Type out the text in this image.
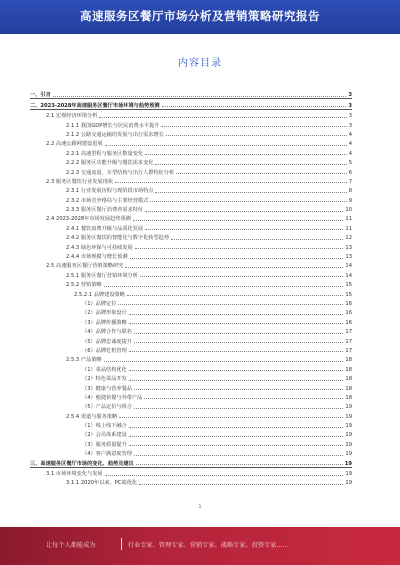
高速服务区餐厅市场分析及营销策略研究报告
内容目录
一、引言	3
二、2023-2028年高速服务区餐厅市场环境与趋势预测	3
2.1 宏观经济环境分析	3
2.1.1 我国GDP增长与居民消费水平提升	3
2.1.2 公路交通运输的发展与出行需求增长	4
2.2 高速公路网建设进展	4
2.2.1 高速里程与服务区数量变化	4
2.2.2 服务区功能升级与餐饮需求变化	5
2.2.3 交通流量、车型结构与出行人群特征分析	6
2.3 服务区餐饮行业发展现状	7
2.3.1 行业发展历程与现阶段市场特点	8
2.3.2 市场竞争格局与主要经营模式	9
2.3.3 服务区餐厅消费者需求特征	10
2.4 2023-2028年市场发展趋势预测	11
2.4.1 餐饮消费升级与品质化发展	11
2.4.2 服务区餐饮的智能化与数字化转型趋势	12
2.4.3 绿色环保与可持续发展	13
2.4.4 市场规模与增长预测	13
2.5 高速服务区餐厅营销策略研究	14
2.5.1 服务区餐厅营销环境分析	14
2.5.2 营销策略	15
2.5.2.1 品牌建设策略	15
（1）品牌定位	16
（2）品牌形象设计	16
（3）品牌传播策略	16
（4）品牌合作与联名	17
（5）品牌忠诚度提升	17
（6）品牌危机管理	17
2.5.3 产品策略	18
（1）菜品结构优化	18
（2）特色菜品开发	18
（3）健康与营养餐品	18
（4）便捷快餐与外带产品	18
（5）产品定价与组合	19
2.5.4 渠道与服务策略	19
（1）线上线下融合	19
（2）会员体系建设	19
（3）服务质量提升	19
（4）客户满意度管理	19
三、高速服务区餐厅市场的变化、趋势及建议	19
3.1 市场环境变化与发展	19
3.1.1 2020年以来，PC端优化	19
1
让每个人都能成为	行业专家、管理专家、营销专家、战略专家、投资专家……
